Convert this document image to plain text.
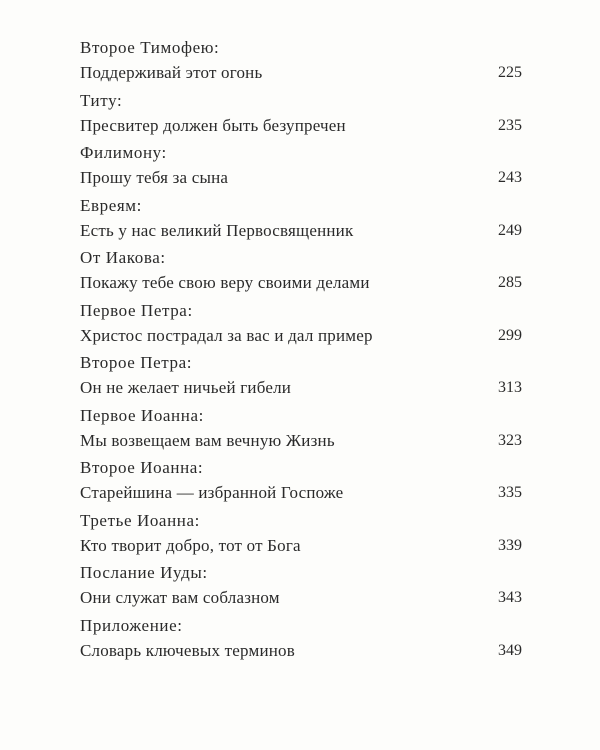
Второе Тимофею:
Поддерживай этот огонь	225
Титу:
Пресвитер должен быть безупречен	235
Филимону:
Прошу тебя за сына	243
Евреям:
Есть у нас великий Первосвященник	249
От Иакова:
Покажу тебе свою веру своими делами	285
Первое Петра:
Христос пострадал за вас и дал пример	299
Второе Петра:
Он не желает ничьей гибели	313
Первое Иоанна:
Мы возвещаем вам вечную Жизнь	323
Второе Иоанна:
Старейшина — избранной Госпоже	335
Третье Иоанна:
Кто творит добро, тот от Бога	339
Послание Иуды:
Они служат вам соблазном	343
Приложение:
Словарь ключевых терминов	349
